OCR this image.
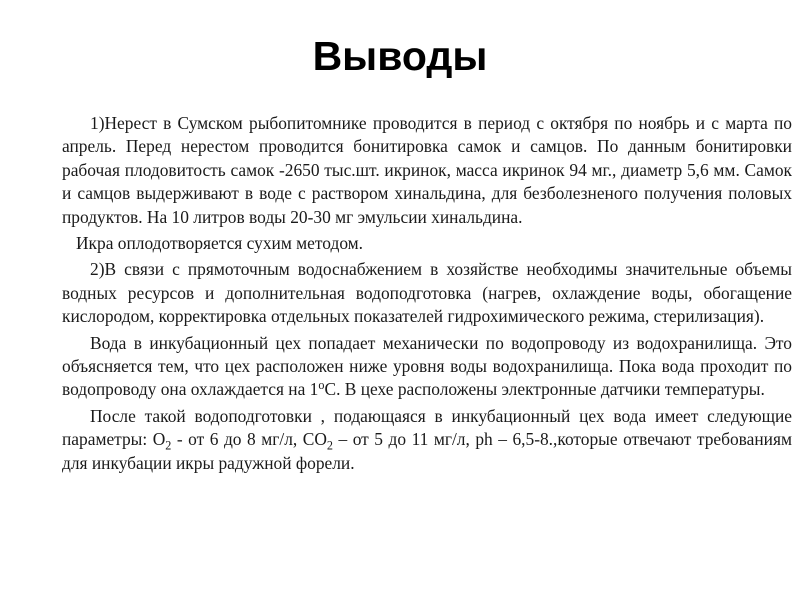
Выводы

1)Нерест в Сумском рыбопитомнике проводится в период с октября по ноябрь и с марта по апрель. Перед нерестом проводится бонитировка самок и самцов. По данным бонитировки рабочая плодовитость самок -2650 тыс.шт. икринок, масса икринок 94 мг., диаметр 5,6 мм. Самок и самцов выдерживают в воде с раствором хинальдина, для безболезненого получения половых продуктов. На 10 литров воды 20-30 мг эмульсии хинальдина.

Икра оплодотворяется сухим методом.

2)В связи с прямоточным водоснабжением в хозяйстве необходимы значительные объемы водных ресурсов и дополнительная водоподготовка (нагрев, охлаждение воды, обогащение кислородом, корректировка отдельных показателей гидрохимического режима, стерилизация).

Вода в инкубационный цех попадает механически по водопроводу из водохранилища. Это объясняется тем, что цех расположен ниже уровня воды водохранилища. Пока вода проходит по водопроводу она охлаждается на $1^оС$. В цехе расположены электронные датчики температуры.

После такой водоподготовки , подающаяся в инкубационный цех вода имеет следующие параметры: $О_2$ - от 6 до 8 мг/л, $СО_2$ – от 5 до 11 мг/л, ph – 6,5-8.,которые отвечают требованиям для инкубации икры радужной форели.
